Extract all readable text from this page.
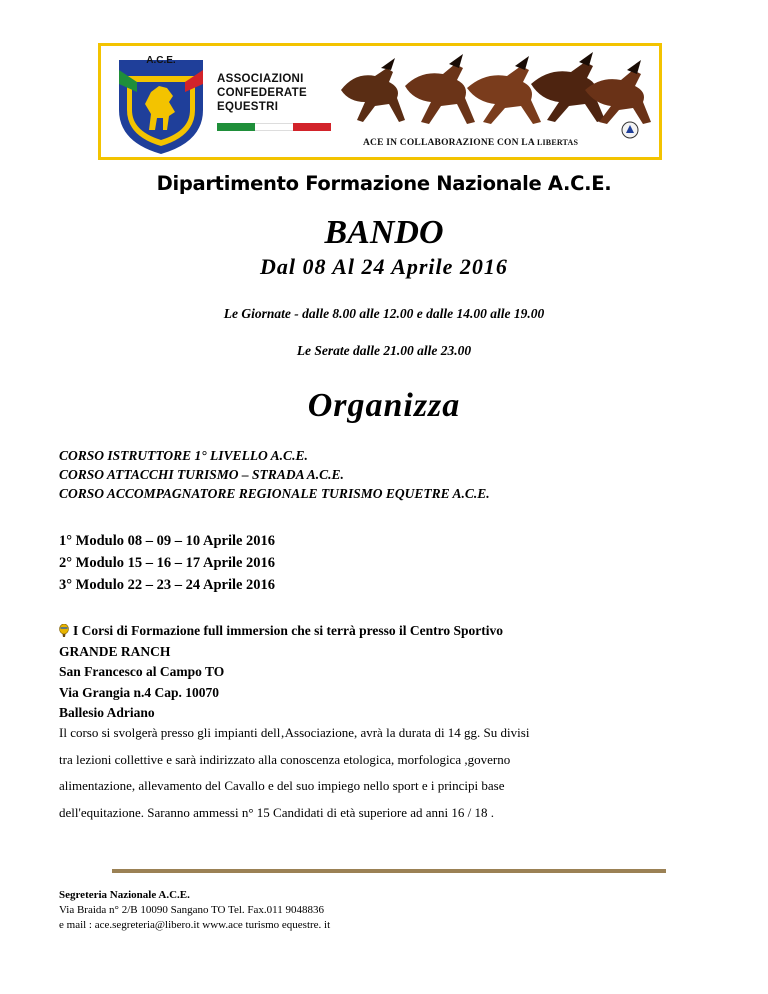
A.C.E.
ASSOCIAZIONI
CONFEDERATE
EQUESTRI
ACE IN COLLABORAZIONE CON LA LIBERTAS
Dipartimento Formazione Nazionale A.C.E.
BANDO
Dal 08 Al 24 Aprile 2016
Le Giornate - dalle 8.00 alle 12.00 e dalle 14.00 alle 19.00
Le Serate dalle 21.00 alle 23.00
Organizza
CORSO ISTRUTTORE 1° LIVELLO A.C.E.
CORSO ATTACCHI TURISMO – STRADA A.C.E.
CORSO ACCOMPAGNATORE REGIONALE TURISMO EQUETRE A.C.E.
1° Modulo 08 – 09 – 10 Aprile 2016
2° Modulo 15 – 16 – 17 Aprile 2016
3° Modulo 22 – 23 – 24 Aprile 2016
I Corsi di Formazione full immersion che si terrà presso il Centro Sportivo
GRANDE RANCH
San Francesco al Campo TO
Via Grangia n.4 Cap. 10070
Ballesio Adriano
Il corso si svolgerà presso gli impianti dell‚Associazione, avrà la durata di 14 gg. Su divisi
tra lezioni collettive e sarà indirizzato alla conoscenza etologica, morfologica ,governo
alimentazione, allevamento del Cavallo e del suo impiego nello sport e i principi base
dell'equitazione. Saranno ammessi n° 15 Candidati di età superiore ad anni 16 / 18 .
Segreteria Nazionale A.C.E.
Via Braida n° 2/B 10090 Sangano TO Tel. Fax.011 9048836
e mail : ace.segreteria@libero.it www.ace turismo equestre. it
